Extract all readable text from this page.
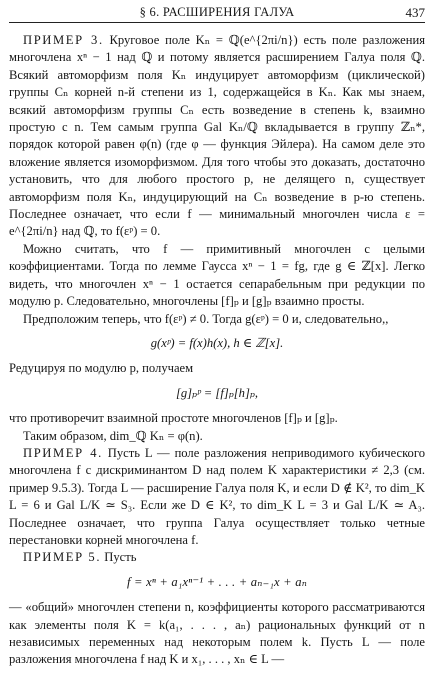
§ 6. РАСШИРЕНИЯ ГАЛУА	437

ПРИМЕР 3. Круговое поле Kₙ = ℚ(e^{2πi/n}) есть поле разложения многочлена xⁿ − 1 над ℚ и потому является расширением Галуа поля ℚ. Всякий автоморфизм поля Kₙ индуцирует автоморфизм (циклической) группы Cₙ корней n-й степени из 1, содержащейся в Kₙ. Как мы знаем, всякий автоморфизм группы Cₙ есть возведение в степень k, взаимно простую с n. Тем самым группа Gal Kₙ/ℚ вкладывается в группу ℤₙ*, порядок которой равен φ(n) (где φ — функция Эйлера). На самом деле это вложение является изоморфизмом. Для того чтобы это доказать, достаточно установить, что для любого простого p, не делящего n, существует автоморфизм поля Kₙ, индуцирующий на Cₙ возведение в p-ю степень. Последнее означает, что если f — минимальный многочлен числа ε = e^{2πi/n} над ℚ, то f(εᵖ) = 0.

Можно считать, что f — примитивный многочлен с целыми коэффициентами. Тогда по лемме Гаусса xⁿ − 1 = fg, где g ∈ ℤ[x]. Легко видеть, что многочлен xⁿ − 1 остается сепарабельным при редукции по модулю p. Следовательно, многочлены [f]ₚ и [g]ₚ взаимно просты.

Предположим теперь, что f(εᵖ) ≠ 0. Тогда g(εᵖ) = 0 и, следовательно,,

g(xᵖ) = f(x)h(x), h ∈ ℤ[x].

Редуцируя по модулю p, получаем

[g]ₚᵖ = [f]ₚ[h]ₚ,

что противоречит взаимной простоте многочленов [f]ₚ и [g]ₚ.

Таким образом, dim_ℚ Kₙ = φ(n).

ПРИМЕР 4. Пусть L — поле разложения неприводимого кубического многочлена f с дискриминантом D над полем K характеристики ≠ 2,3 (см. пример 9.5.3). Тогда L — расширение Галуа поля K, и если D ∉ K², то dim_K L = 6 и Gal L/K ≃ S₃. Если же D ∈ K², то dim_K L = 3 и Gal L/K ≃ A₃. Последнее означает, что группа Галуа осуществляет только четные перестановки корней многочлена f.

ПРИМЕР 5. Пусть

f = xⁿ + a₁xⁿ⁻¹ + . . . + aₙ₋₁x + aₙ

— «общий» многочлен степени n, коэффициенты которого рассматриваются как элементы поля K = k(a₁, . . . , aₙ) рациональных функций от n независимых переменных над некоторым полем k. Пусть L — поле разложения многочлена f над K и x₁, . . . , xₙ ∈ L —
